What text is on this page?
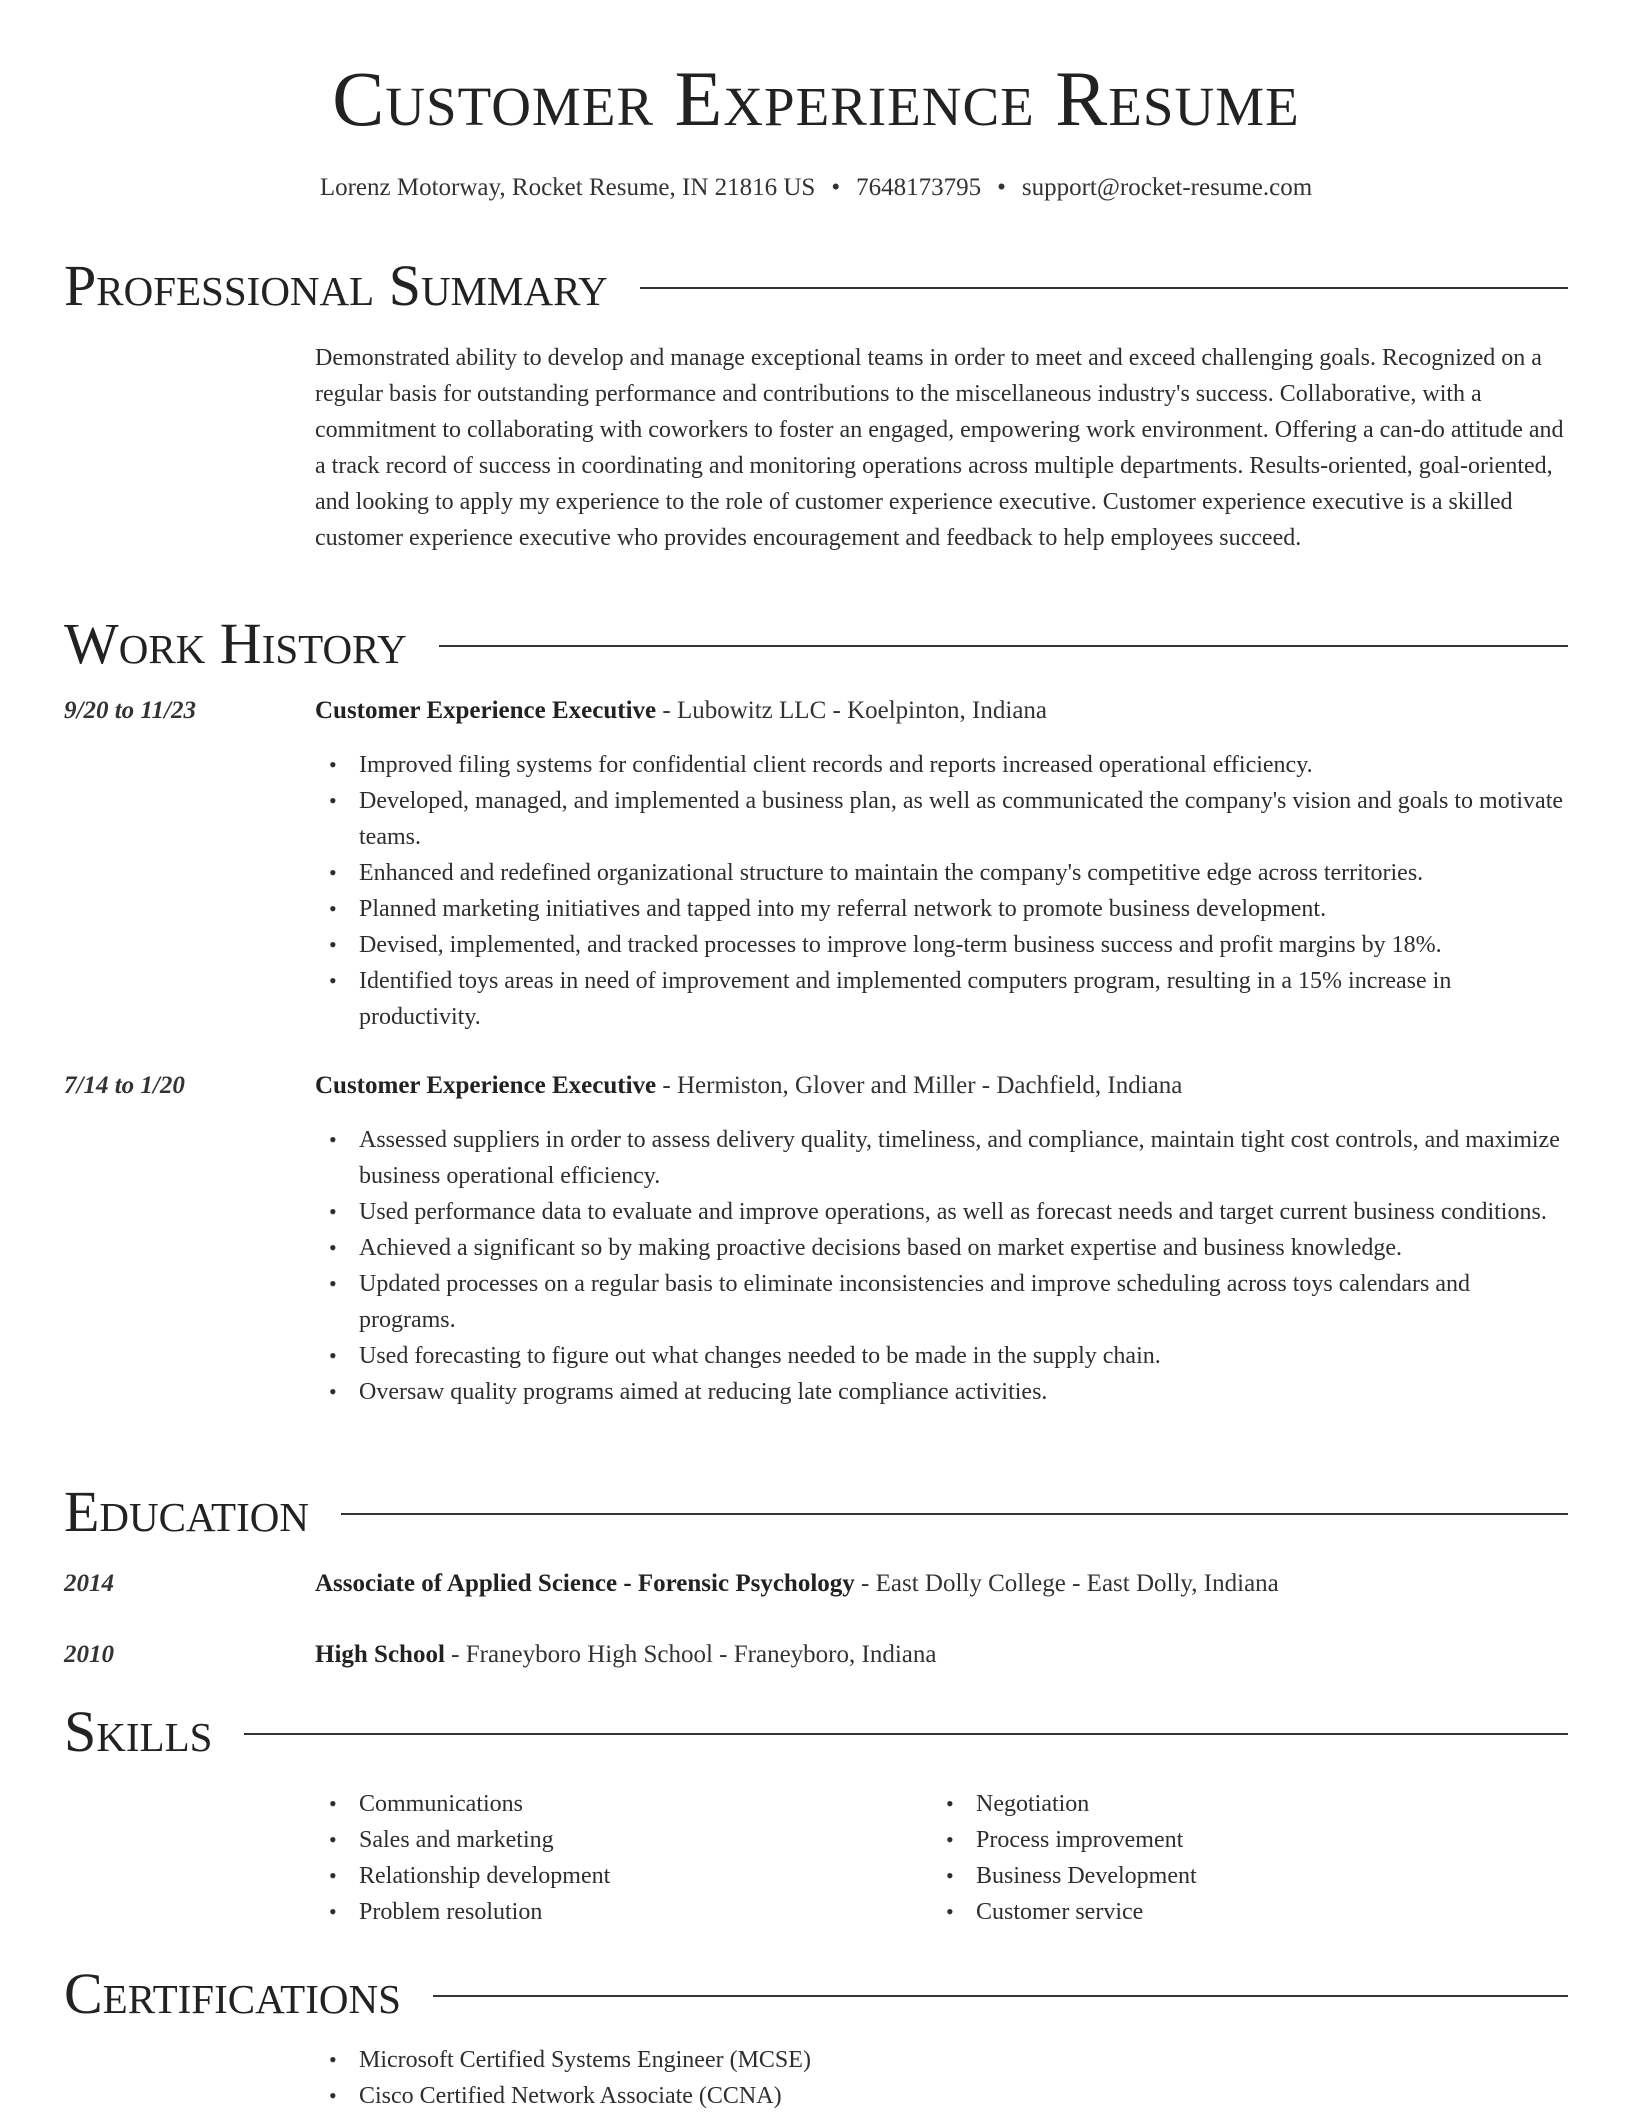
Customer Experience Resume
Lorenz Motorway, Rocket Resume, IN 21816 US • 7648173795 • support@rocket-resume.com
Professional Summary

Demonstrated ability to develop and manage exceptional teams in order to meet and exceed challenging goals. Recognized on a regular basis for outstanding performance and contributions to the miscellaneous industry's success. Collaborative, with a commitment to collaborating with coworkers to foster an engaged, empowering work environment. Offering a can-do attitude and a track record of success in coordinating and monitoring operations across multiple departments. Results-oriented, goal-oriented, and looking to apply my experience to the role of customer experience executive. Customer experience executive is a skilled customer experience executive who provides encouragement and feedback to help employees succeed.

Work History
9/20 to 11/23	Customer Experience Executive - Lubowitz LLC - Koelpinton, Indiana
• Improved filing systems for confidential client records and reports increased operational efficiency.
• Developed, managed, and implemented a business plan, as well as communicated the company's vision and goals to motivate teams.
• Enhanced and redefined organizational structure to maintain the company's competitive edge across territories.
• Planned marketing initiatives and tapped into my referral network to promote business development.
• Devised, implemented, and tracked processes to improve long-term business success and profit margins by 18%.
• Identified toys areas in need of improvement and implemented computers program, resulting in a 15% increase in productivity.
7/14 to 1/20	Customer Experience Executive - Hermiston, Glover and Miller - Dachfield, Indiana
• Assessed suppliers in order to assess delivery quality, timeliness, and compliance, maintain tight cost controls, and maximize business operational efficiency.
• Used performance data to evaluate and improve operations, as well as forecast needs and target current business conditions.
• Achieved a significant so by making proactive decisions based on market expertise and business knowledge.
• Updated processes on a regular basis to eliminate inconsistencies and improve scheduling across toys calendars and programs.
• Used forecasting to figure out what changes needed to be made in the supply chain.
• Oversaw quality programs aimed at reducing late compliance activities.
Education
2014	Associate of Applied Science - Forensic Psychology - East Dolly College - East Dolly, Indiana
2010	High School - Franeyboro High School - Franeyboro, Indiana
Skills
• Communications
• Sales and marketing
• Relationship development
• Problem resolution
• Negotiation
• Process improvement
• Business Development
• Customer service
Certifications
• Microsoft Certified Systems Engineer (MCSE)
• Cisco Certified Network Associate (CCNA)
